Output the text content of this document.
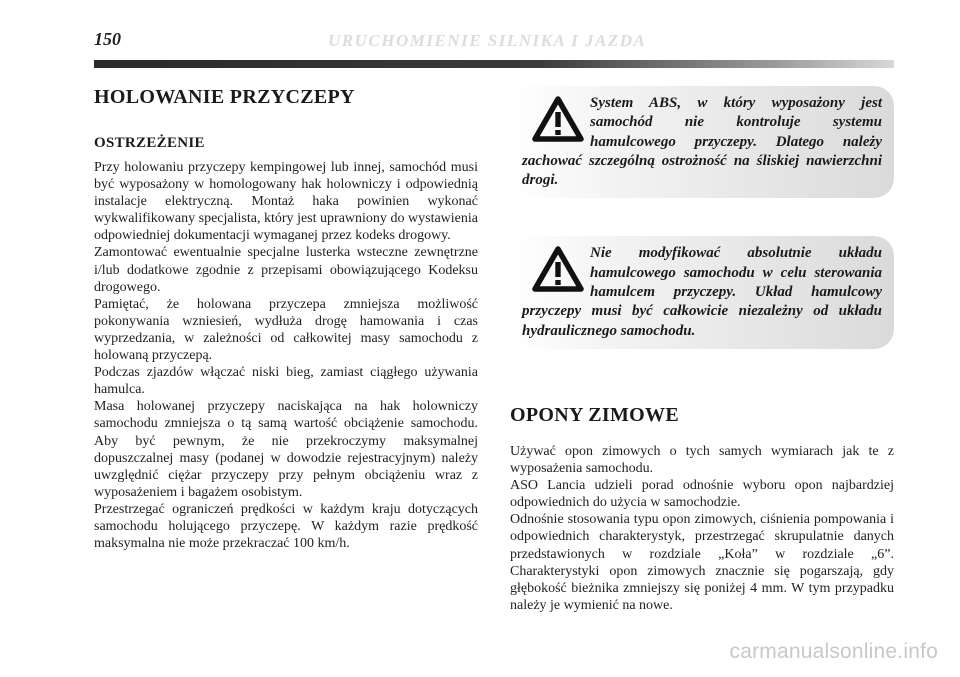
150	URUCHOMIENIE SILNIKA I JAZDA
HOLOWANIE PRZYCZEPY
OSTRZEŻENIE

Przy holowaniu przyczepy kempingowej lub innej, samochód musi być wyposażony w homologowany hak holowniczy i odpowiednią instalacje elektryczną. Montaż haka powinien wykonać wykwalifikowany specjalista, który jest uprawniony do wystawienia odpowiedniej dokumentacji wymaganej przez kodeks drogowy.

Zamontować ewentualnie specjalne lusterka wsteczne zewnętrzne i/lub dodatkowe zgodnie z przepisami obowiązującego Kodeksu drogowego.

Pamiętać, że holowana przyczepa zmniejsza możliwość pokonywania wzniesień, wydłuża drogę hamowania i czas wyprzedzania, w zależności od całkowitej masy samochodu z holowaną przyczepą.

Podczas zjazdów włączać niski bieg, zamiast ciągłego używania hamulca.

Masa holowanej przyczepy naciskająca na hak holowniczy samochodu zmniejsza o tą samą wartość obciążenie samochodu. Aby być pewnym, że nie przekroczymy maksymalnej dopuszczalnej masy (podanej w dowodzie rejestracyjnym) należy uwzględnić ciężar przyczepy przy pełnym obciążeniu wraz z wyposażeniem i bagażem osobistym.

Przestrzegać ograniczeń prędkości w każdym kraju dotyczących samochodu holującego przyczepę. W każdym razie prędkość maksymalna nie może przekraczać 100 km/h.

System ABS, w który wyposażony jest samochód nie kontroluje systemu hamulcowego przyczepy. Dlatego należy zachować szczególną ostrożność na śliskiej nawierzchni drogi.

Nie modyfikować absolutnie układu hamulcowego samochodu w celu sterowania hamulcem przyczepy. Układ hamulcowy przyczepy musi być całkowicie niezależny od układu hydraulicznego samochodu.

OPONY ZIMOWE

Używać opon zimowych o tych samych wymiarach jak te z wyposażenia samochodu.

ASO Lancia udzieli porad odnośnie wyboru opon najbardziej odpowiednich do użycia w samochodzie.

Odnośnie stosowania typu opon zimowych, ciśnienia pompowania i odpowiednich charakterystyk, przestrzegać skrupulatnie danych przedstawionych w rozdziale „Koła” w rozdziale „6”. Charakterystyki opon zimowych znacznie się pogarszają, gdy głębokość bieżnika zmniejszy się poniżej 4 mm. W tym przypadku należy je wymienić na nowe.

carmanualsonline.info
